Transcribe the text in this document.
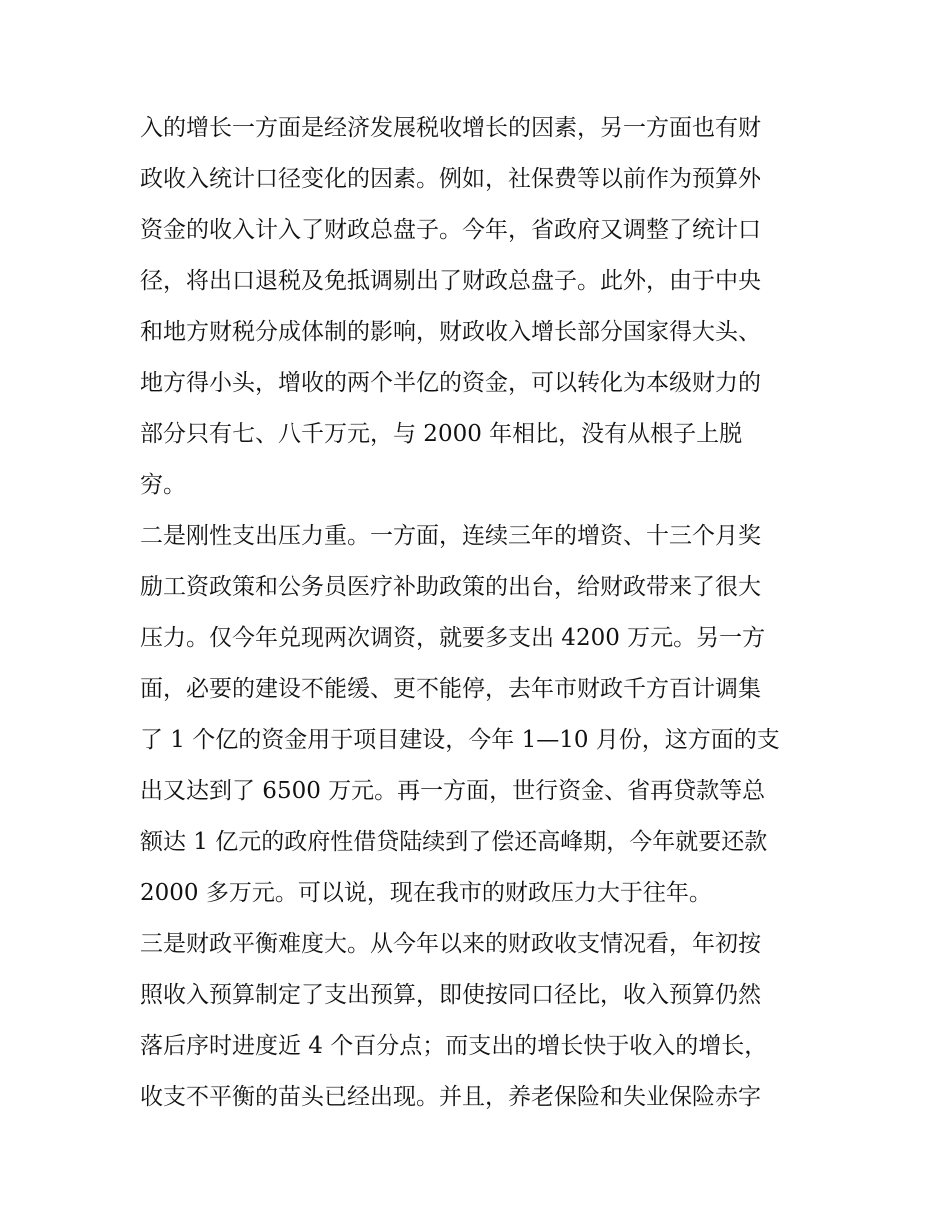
入的增长一方面是经济发展税收增长的因素，另一方面也有财
政收入统计口径变化的因素。例如，社保费等以前作为预算外
资金的收入计入了财政总盘子。今年，省政府又调整了统计口
径，将出口退税及免抵调剔出了财政总盘子。此外，由于中央
和地方财税分成体制的影响，财政收入增长部分国家得大头、
地方得小头，增收的两个半亿的资金，可以转化为本级财力的
部分只有七、八千万元，与 2000 年相比，没有从根子上脱
穷。
二是刚性支出压力重。一方面，连续三年的增资、十三个月奖
励工资政策和公务员医疗补助政策的出台，给财政带来了很大
压力。仅今年兑现两次调资，就要多支出 4200 万元。另一方
面，必要的建设不能缓、更不能停，去年市财政千方百计调集
了 1 个亿的资金用于项目建设，今年 1—10 月份，这方面的支
出又达到了 6500 万元。再一方面，世行资金、省再贷款等总
额达 1 亿元的政府性借贷陆续到了偿还高峰期，今年就要还款
2000 多万元。可以说，现在我市的财政压力大于往年。
三是财政平衡难度大。从今年以来的财政收支情况看，年初按
照收入预算制定了支出预算，即使按同口径比，收入预算仍然
落后序时进度近 4 个百分点；而支出的增长快于收入的增长，
收支不平衡的苗头已经出现。并且，养老保险和失业保险赤字
